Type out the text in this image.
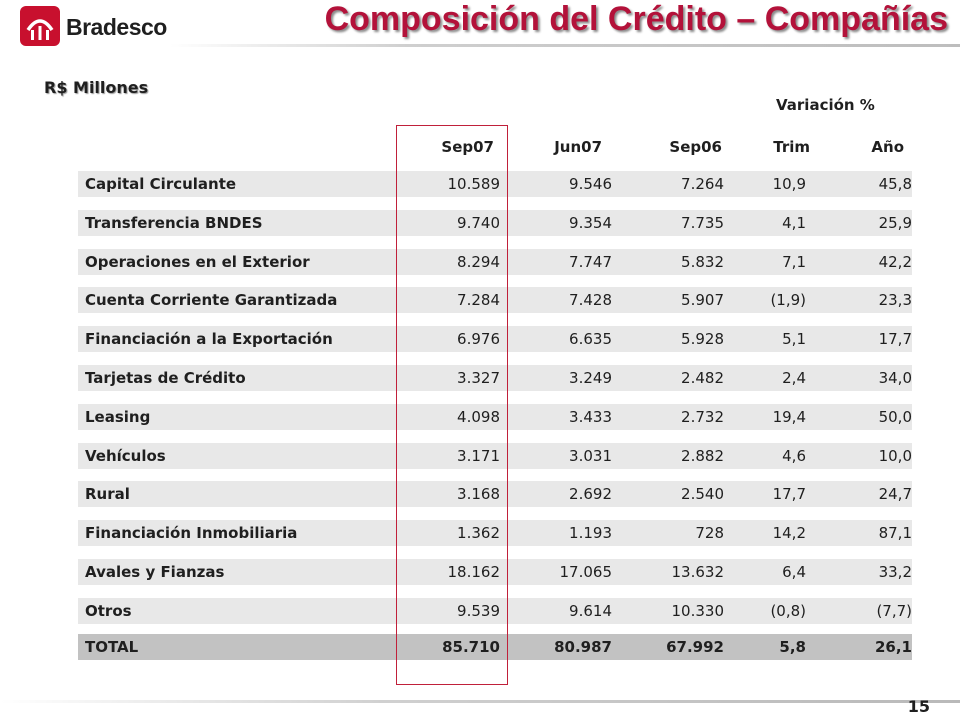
Bradesco	Composición del Crédito – Compañías
R$ Millones
Variación %
Sep07	Jun07	Sep06	Trim	Año
Capital Circulante	10.589	9.546	7.264	10,9	45,8
Transferencia BNDES	9.740	9.354	7.735	4,1	25,9
Operaciones en el Exterior	8.294	7.747	5.832	7,1	42,2
Cuenta Corriente Garantizada	7.284	7.428	5.907	(1,9)	23,3
Financiación a la Exportación	6.976	6.635	5.928	5,1	17,7
Tarjetas de Crédito	3.327	3.249	2.482	2,4	34,0
Leasing	4.098	3.433	2.732	19,4	50,0
Vehículos	3.171	3.031	2.882	4,6	10,0
Rural	3.168	2.692	2.540	17,7	24,7
Financiación Inmobiliaria	1.362	1.193	728	14,2	87,1
Avales y Fianzas	18.162	17.065	13.632	6,4	33,2
Otros	9.539	9.614	10.330	(0,8)	(7,7)
TOTAL	85.710	80.987	67.992	5,8	26,1
15
